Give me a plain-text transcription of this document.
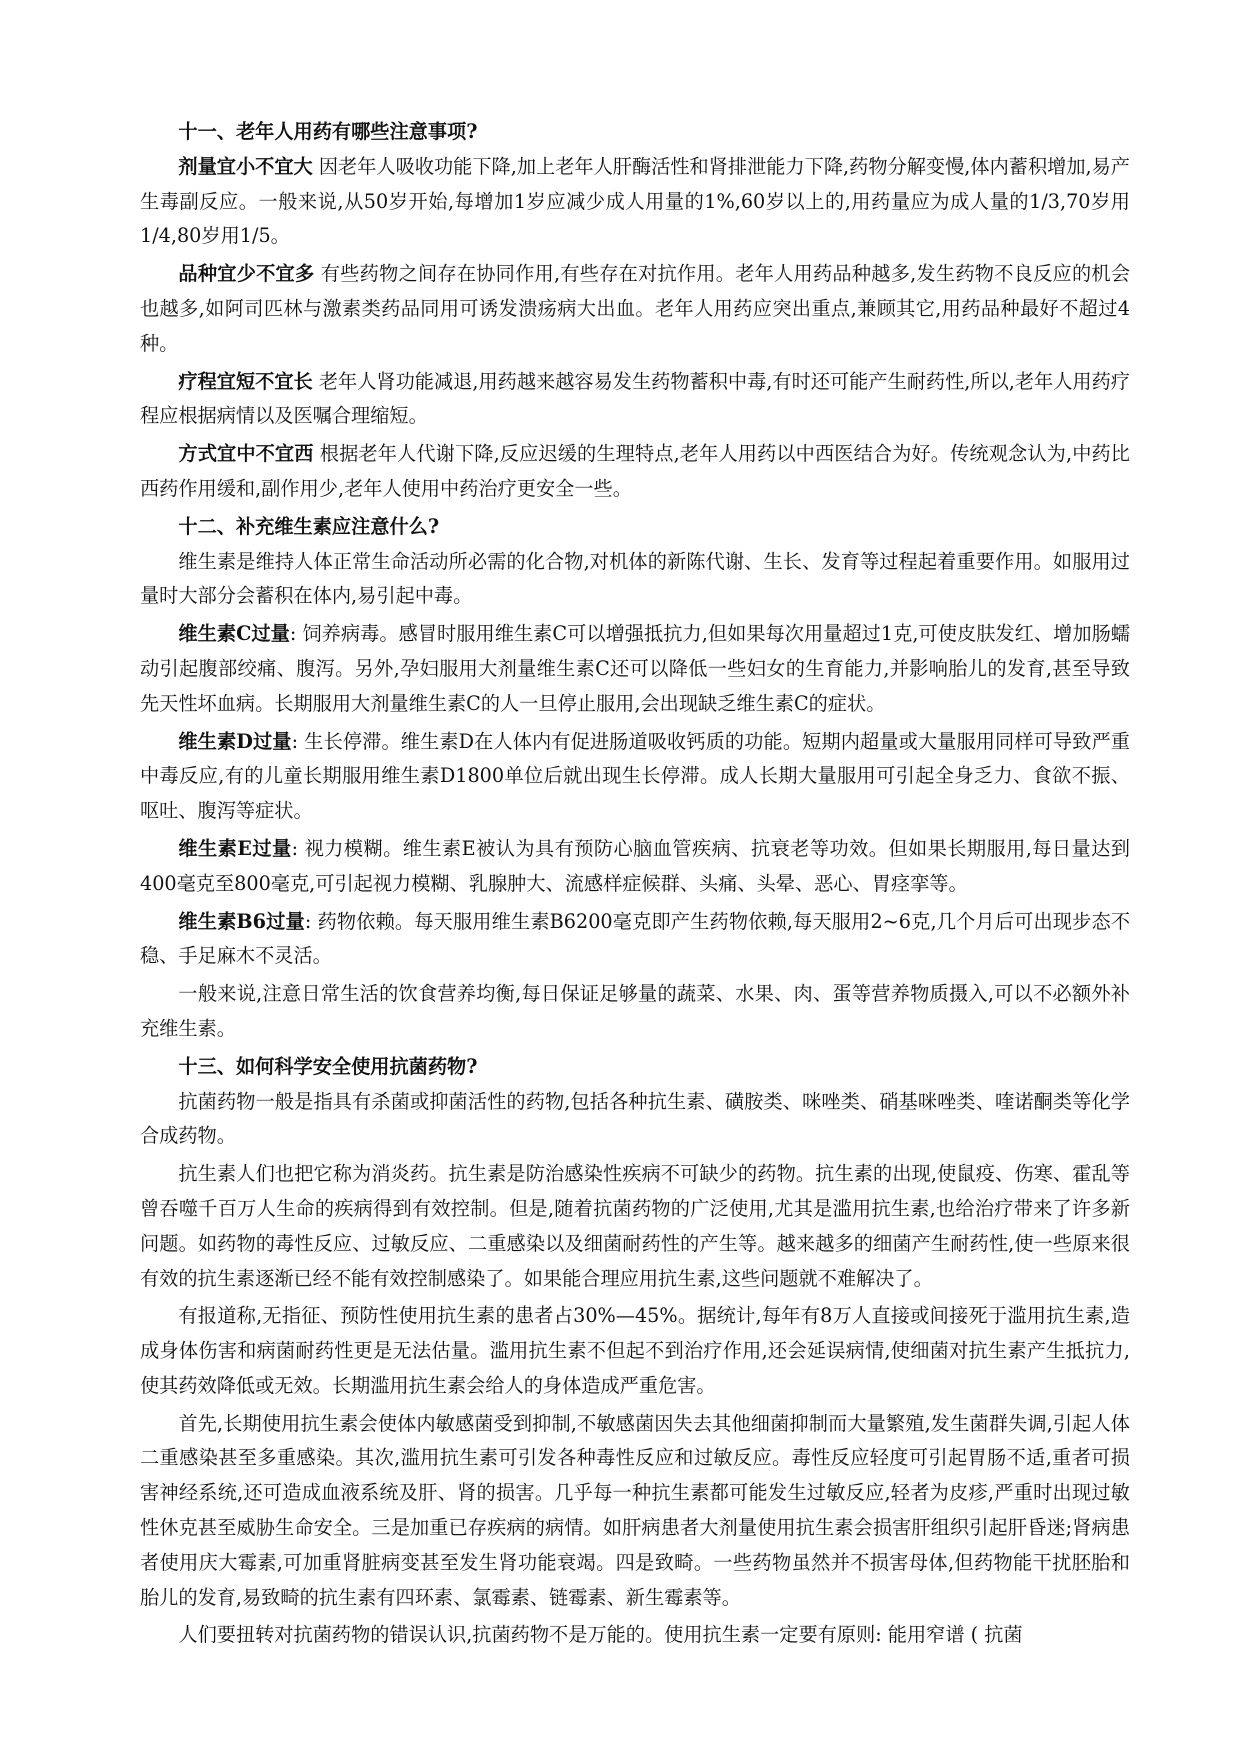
十一、老年人用药有哪些注意事项?

剂量宜小不宜大 因老年人吸收功能下降,加上老年人肝酶活性和肾排泄能力下降,药物分解变慢,体内蓄积增加,易产生毒副反应。一般来说,从50岁开始,每增加1岁应减少成人用量的1%,60岁以上的,用药量应为成人量的1/3,70岁用1/4,80岁用1/5。

品种宜少不宜多 有些药物之间存在协同作用,有些存在对抗作用。老年人用药品种越多,发生药物不良反应的机会也越多,如阿司匹林与激素类药品同用可诱发溃疡病大出血。老年人用药应突出重点,兼顾其它,用药品种最好不超过4种。

疗程宜短不宜长 老年人肾功能减退,用药越来越容易发生药物蓄积中毒,有时还可能产生耐药性,所以,老年人用药疗程应根据病情以及医嘱合理缩短。

方式宜中不宜西 根据老年人代谢下降,反应迟缓的生理特点,老年人用药以中西医结合为好。传统观念认为,中药比西药作用缓和,副作用少,老年人使用中药治疗更安全一些。

十二、补充维生素应注意什么?

维生素是维持人体正常生命活动所必需的化合物,对机体的新陈代谢、生长、发育等过程起着重要作用。如服用过量时大部分会蓄积在体内,易引起中毒。

维生素C过量: 饲养病毒。感冒时服用维生素C可以增强抵抗力,但如果每次用量超过1克,可使皮肤发红、增加肠蠕动引起腹部绞痛、腹泻。另外,孕妇服用大剂量维生素C还可以降低一些妇女的生育能力,并影响胎儿的发育,甚至导致先天性坏血病。长期服用大剂量维生素C的人一旦停止服用,会出现缺乏维生素C的症状。

维生素D过量: 生长停滞。维生素D在人体内有促进肠道吸收钙质的功能。短期内超量或大量服用同样可导致严重中毒反应,有的儿童长期服用维生素D1800单位后就出现生长停滞。成人长期大量服用可引起全身乏力、食欲不振、呕吐、腹泻等症状。

维生素E过量: 视力模糊。维生素E被认为具有预防心脑血管疾病、抗衰老等功效。但如果长期服用,每日量达到400毫克至800毫克,可引起视力模糊、乳腺肿大、流感样症候群、头痛、头晕、恶心、胃痉挛等。

维生素B6过量: 药物依赖。每天服用维生素B6200毫克即产生药物依赖,每天服用2~6克,几个月后可出现步态不稳、手足麻木不灵活。

一般来说,注意日常生活的饮食营养均衡,每日保证足够量的蔬菜、水果、肉、蛋等营养物质摄入,可以不必额外补充维生素。

十三、如何科学安全使用抗菌药物?

抗菌药物一般是指具有杀菌或抑菌活性的药物,包括各种抗生素、磺胺类、咪唑类、硝基咪唑类、喹诺酮类等化学合成药物。

抗生素人们也把它称为消炎药。抗生素是防治感染性疾病不可缺少的药物。抗生素的出现,使鼠疫、伤寒、霍乱等曾吞噬千百万人生命的疾病得到有效控制。但是,随着抗菌药物的广泛使用,尤其是滥用抗生素,也给治疗带来了许多新问题。如药物的毒性反应、过敏反应、二重感染以及细菌耐药性的产生等。越来越多的细菌产生耐药性,使一些原来很有效的抗生素逐渐已经不能有效控制感染了。如果能合理应用抗生素,这些问题就不难解决了。

有报道称,无指征、预防性使用抗生素的患者占30%—45%。据统计,每年有8万人直接或间接死于滥用抗生素,造成身体伤害和病菌耐药性更是无法估量。滥用抗生素不但起不到治疗作用,还会延误病情,使细菌对抗生素产生抵抗力,使其药效降低或无效。长期滥用抗生素会给人的身体造成严重危害。

首先,长期使用抗生素会使体内敏感菌受到抑制,不敏感菌因失去其他细菌抑制而大量繁殖,发生菌群失调,引起人体二重感染甚至多重感染。其次,滥用抗生素可引发各种毒性反应和过敏反应。毒性反应轻度可引起胃肠不适,重者可损害神经系统,还可造成血液系统及肝、肾的损害。几乎每一种抗生素都可能发生过敏反应,轻者为皮疹,严重时出现过敏性休克甚至威胁生命安全。三是加重已存疾病的病情。如肝病患者大剂量使用抗生素会损害肝组织引起肝昏迷;肾病患者使用庆大霉素,可加重肾脏病变甚至发生肾功能衰竭。四是致畸。一些药物虽然并不损害母体,但药物能干扰胚胎和胎儿的发育,易致畸的抗生素有四环素、氯霉素、链霉素、新生霉素等。

人们要扭转对抗菌药物的错误认识,抗菌药物不是万能的。使用抗生素一定要有原则: 能用窄谱 ( 抗菌
